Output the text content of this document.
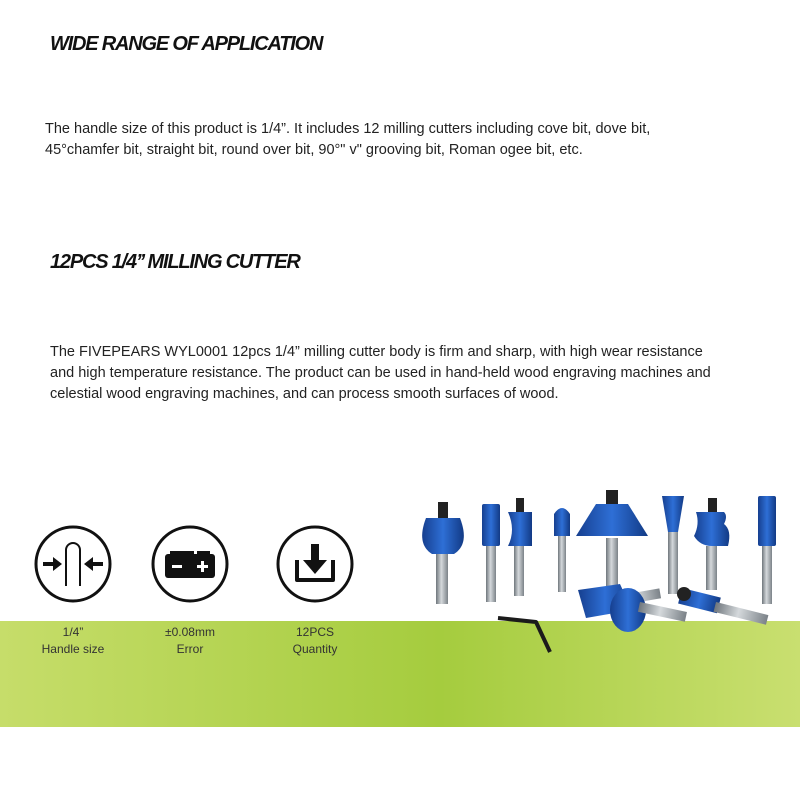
WIDE RANGE OF APPLICATION

The handle size of this product is 1/4”. It includes 12 milling cutters including cove bit, dove bit, 45°chamfer bit, straight bit, round over bit, 90°" v" grooving bit, Roman ogee bit, etc.

12PCS 1/4’’ MILLING CUTTER

The FIVEPEARS WYL0001 12pcs 1/4” milling cutter body is firm and sharp, with high wear resistance and high temperature resistance. The product can be used in hand-held wood engraving machines and celestial wood engraving machines, and can process smooth surfaces of wood.

1/4”
Handle size
±0.08mm
Error
12PCS
Quantity
